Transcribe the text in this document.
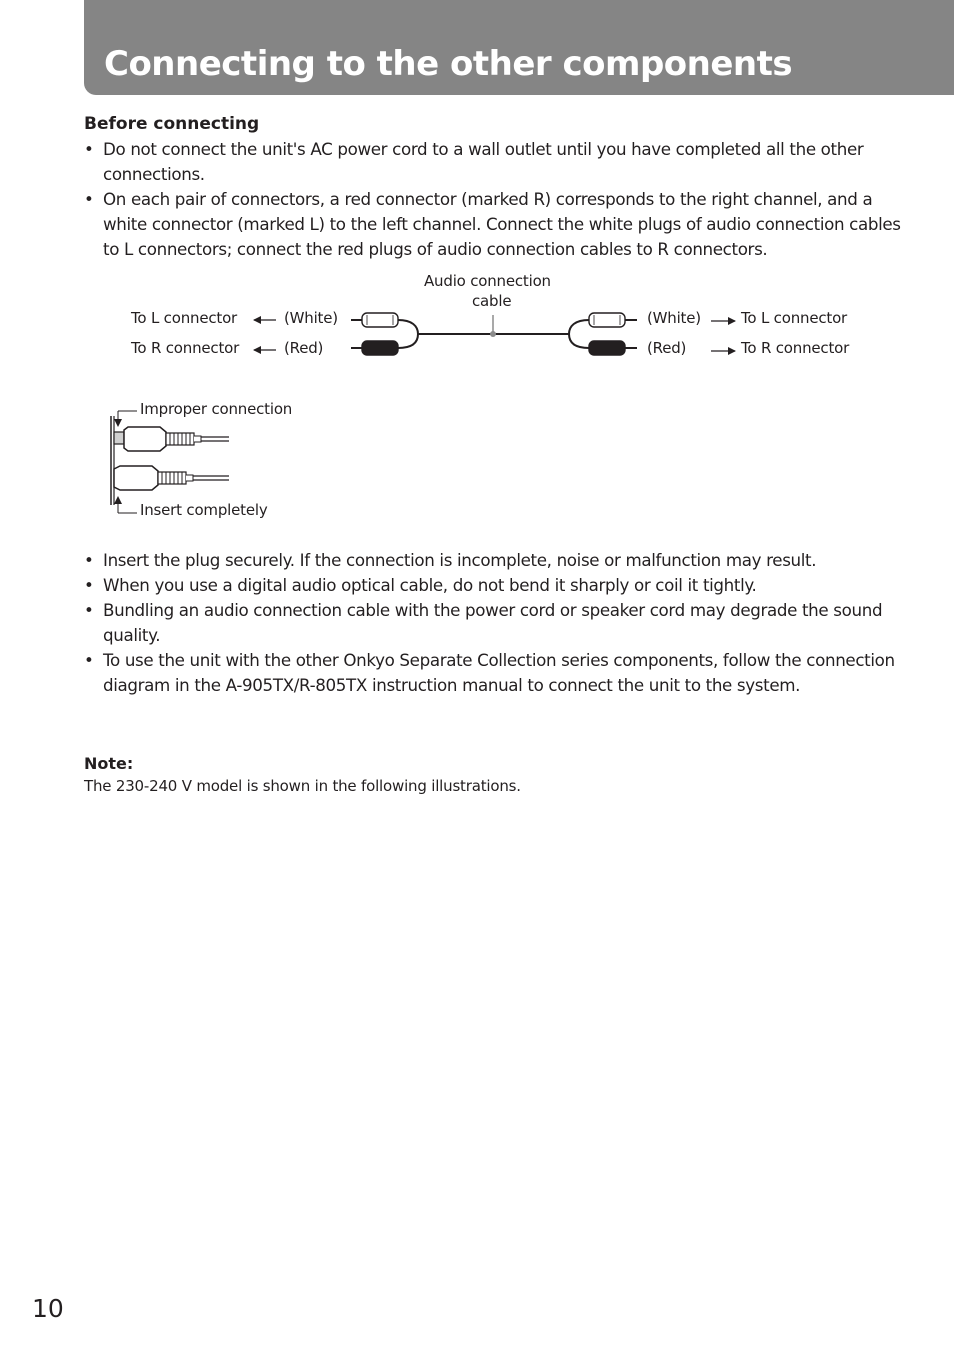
Connecting to the other components
Before connecting
• Do not connect the unit's AC power cord to a wall outlet until you have completed all the other connections.
• On each pair of connectors, a red connector (marked R) corresponds to the right channel, and a white connector (marked L) to the left channel. Connect the white plugs of audio connection cables to L connectors; connect the red plugs of audio connection cables to R connectors.
Audio connection
cable
To L connector
To R connector
(White)
(Red)
(White)
(Red)
To L connector
To R connector
Improper connection
Insert completely
• Insert the plug securely. If the connection is incomplete, noise or malfunction may result.
• When you use a digital audio optical cable, do not bend it sharply or coil it tightly.
• Bundling an audio connection cable with the power cord or speaker cord may degrade the sound quality.
• To use the unit with the other Onkyo Separate Collection series components, follow the connection diagram in the A-905TX/R-805TX instruction manual to connect the unit to the system.
Note:

The 230-240 V model is shown in the following illustrations.

10
